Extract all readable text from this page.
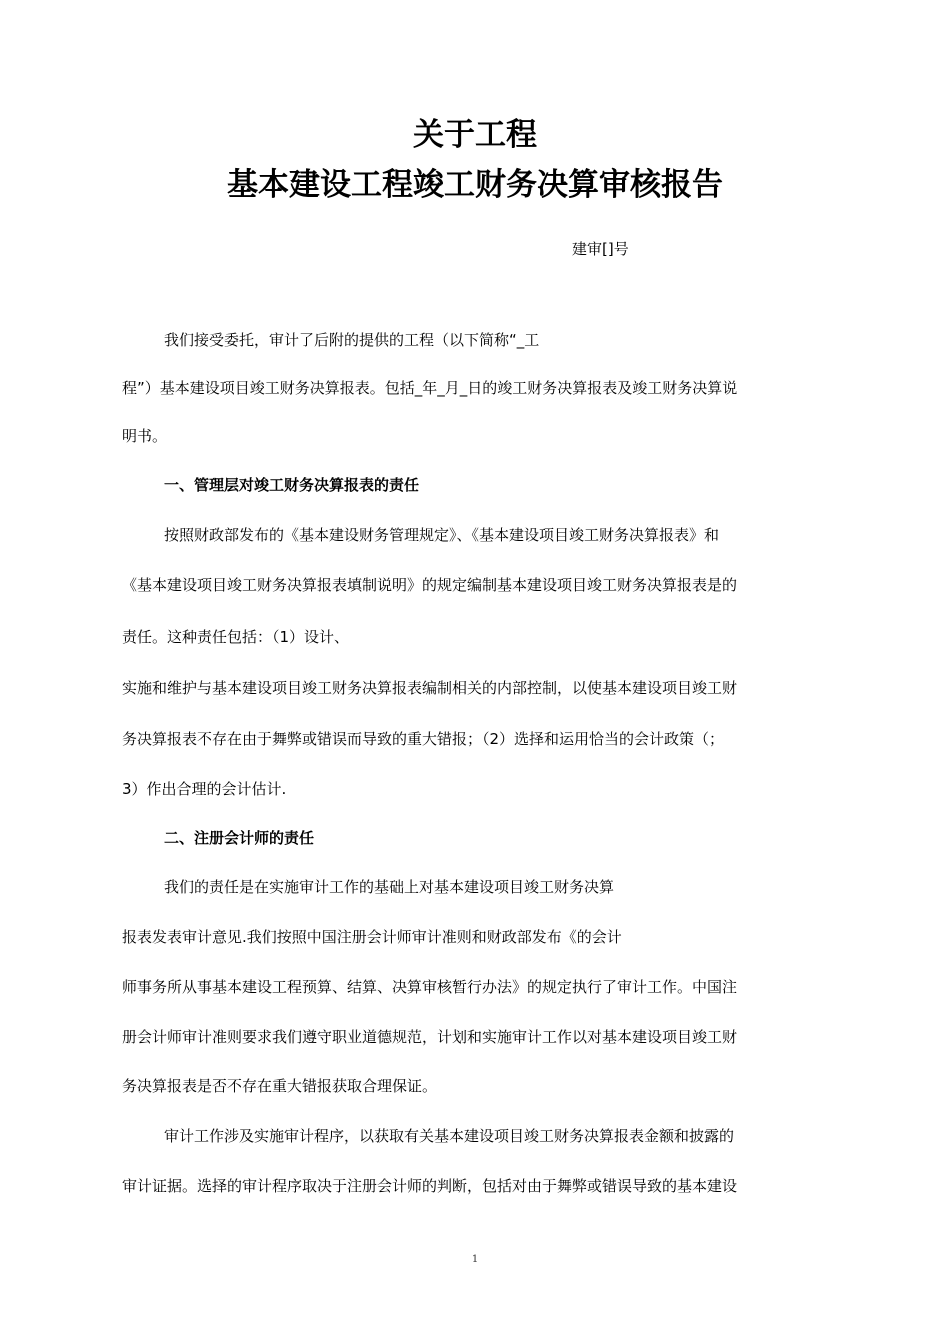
关于工程
基本建设工程竣工财务决算审核报告
建审[]号
我们接受委托，审计了后附的提供的工程（以下简称“_工
程”）基本建设项目竣工财务决算报表。包括_年_月_日的竣工财务决算报表及竣工财务决算说
明书。
一、管理层对竣工财务决算报表的责任
按照财政部发布的《基本建设财务管理规定》、《基本建设项目竣工财务决算报表》和
《基本建设项目竣工财务决算报表填制说明》的规定编制基本建设项目竣工财务决算报表是的
责任。这种责任包括：（1）设计、
实施和维护与基本建设项目竣工财务决算报表编制相关的内部控制，以使基本建设项目竣工财
务决算报表不存在由于舞弊或错误而导致的重大错报；（2）选择和运用恰当的会计政策（；
3）作出合理的会计估计.
二、注册会计师的责任
我们的责任是在实施审计工作的基础上对基本建设项目竣工财务决算
报表发表审计意见.我们按照中国注册会计师审计准则和财政部发布《的会计
师事务所从事基本建设工程预算、结算、决算审核暂行办法》的规定执行了审计工作。中国注
册会计师审计准则要求我们遵守职业道德规范，计划和实施审计工作以对基本建设项目竣工财
务决算报表是否不存在重大错报获取合理保证。
审计工作涉及实施审计程序，以获取有关基本建设项目竣工财务决算报表金额和披露的
审计证据。选择的审计程序取决于注册会计师的判断，包括对由于舞弊或错误导致的基本建设
1
